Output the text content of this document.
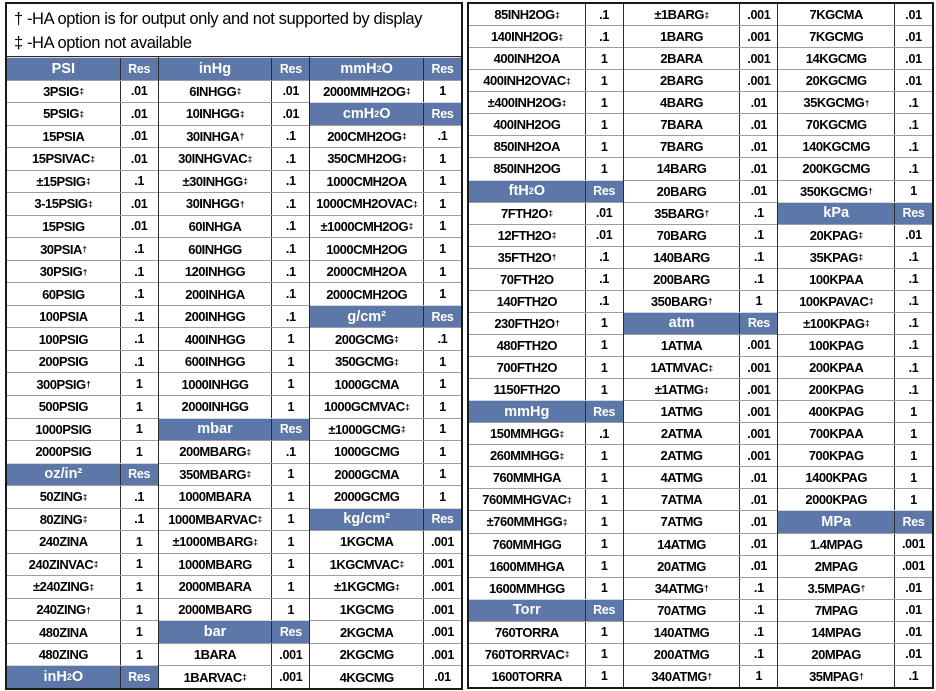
† -HA option is for output only and not supported by display
‡ -HA option not available
PSI	Res
3PSIG ‡	.01
5PSIG ‡	.01
15PSIA	.01
15PSIVAC ‡	.01
±15PSIG ‡	.1
3-15PSIG ‡	.01
15PSIG	.01
30PSIA †	.1
30PSIG †	.1
60PSIG	.1
100PSIA	.1
100PSIG	.1
200PSIG	.1
300PSIG †	1
500PSIG	1
1000PSIG	1
2000PSIG	1
oz/in²	Res
50ZING ‡	.1
80ZING ‡	.1
240ZINA	1
240ZINVAC ‡	1
±240ZING ‡	1
240ZING †	1
480ZINA	1
480ZING	1
inH 2 O	Res
inHg	Res
6INHGG ‡	.01
10INHGG ‡	.01
30INHGA †	.1
30INHGVAC ‡	.1
±30INHGG ‡	.1
30INHGG †	.1
60INHGA	.1
60INHGG	.1
120INHGG	.1
200INHGA	.1
200INHGG	.1
400INHGG	1
600INHGG	1
1000INHGG	1
2000INHGG	1
mbar	Res
200MBARG ‡	.1
350MBARG ‡	1
1000MBARA	1
1000MBARVAC ‡	1
±1000MBARG ‡	1
1000MBARG	1
2000MBARA	1
2000MBARG	1
bar	Res
1BARA	.001
1BARVAC ‡	.001
mmH 2 O	Res
2000MMH2OG ‡	1
cmH 2 O	Res
200CMH2OG ‡	.1
350CMH2OG ‡	1
1000CMH2OA	1
1000CMH2OVAC ‡	1
±1000CMH2OG ‡	1
1000CMH2OG	1
2000CMH2OA	1
2000CMH2OG	1
g/cm²	Res
200GCMG ‡	.1
350GCMG ‡	1
1000GCMA	1
1000GCMVAC ‡	1
±1000GCMG ‡	1
1000GCMG	1
2000GCMA	1
2000GCMG	1
kg/cm²	Res
1KGCMA	.001
1KGCMVAC ‡	.001
±1KGCMG ‡	.001
1KGCMG	.001
2KGCMA	.001
2KGCMG	.001
4KGCMG	.01
85INH2OG ‡	.1
140INH2OG ‡	.1
400INH2OA	1
400INH2OVAC ‡	1
±400INH2OG ‡	1
400INH2OG	1
850INH2OA	1
850INH2OG	1
ftH 2 O	Res
7FTH2O ‡	.01
12FTH2O ‡	.01
35FTH2O †	.1
70FTH2O	.1
140FTH2O	.1
230FTH2O †	1
480FTH2O	1
700FTH2O	1
1150FTH2O	1
mmHg	Res
150MMHGG ‡	.1
260MMHGG ‡	1
760MMHGA	1
760MMHGVAC ‡	1
±760MMHGG ‡	1
760MMHGG	1
1600MMHGA	1
1600MMHGG	1
Torr	Res
760TORRA	1
760TORRVAC ‡	1
1600TORRA	1
±1BARG ‡	.001
1BARG	.001
2BARA	.001
2BARG	.001
4BARG	.01
7BARA	.01
7BARG	.01
14BARG	.01
20BARG	.01
35BARG †	.1
70BARG	.1
140BARG	.1
200BARG	.1
350BARG †	1
atm	Res
1ATMA	.001
1ATMVAC ‡	.001
±1ATMG ‡	.001
1ATMG	.001
2ATMA	.001
2ATMG	.001
4ATMG	.01
7ATMA	.01
7ATMG	.01
14ATMG	.01
20ATMG	.01
34ATMG †	.1
70ATMG	.1
140ATMG	.1
200ATMG	.1
340ATMG †	1
7KGCMA	.01
7KGCMG	.01
14KGCMG	.01
20KGCMG	.01
35KGCMG †	.1
70KGCMG	.1
140KGCMG	.1
200KGCMG	.1
350KGCMG †	1
kPa	Res
20KPAG ‡	.01
35KPAG ‡	.1
100KPAA	.1
100KPAVAC ‡	.1
±100KPAG ‡	.1
100KPAG	.1
200KPAA	.1
200KPAG	.1
400KPAG	1
700KPAA	1
700KPAG	1
1400KPAG	1
2000KPAG	1
MPa	Res
1.4MPAG	.001
2MPAG	.001
3.5MPAG †	.01
7MPAG	.01
14MPAG	.01
20MPAG	.01
35MPAG †	.1
